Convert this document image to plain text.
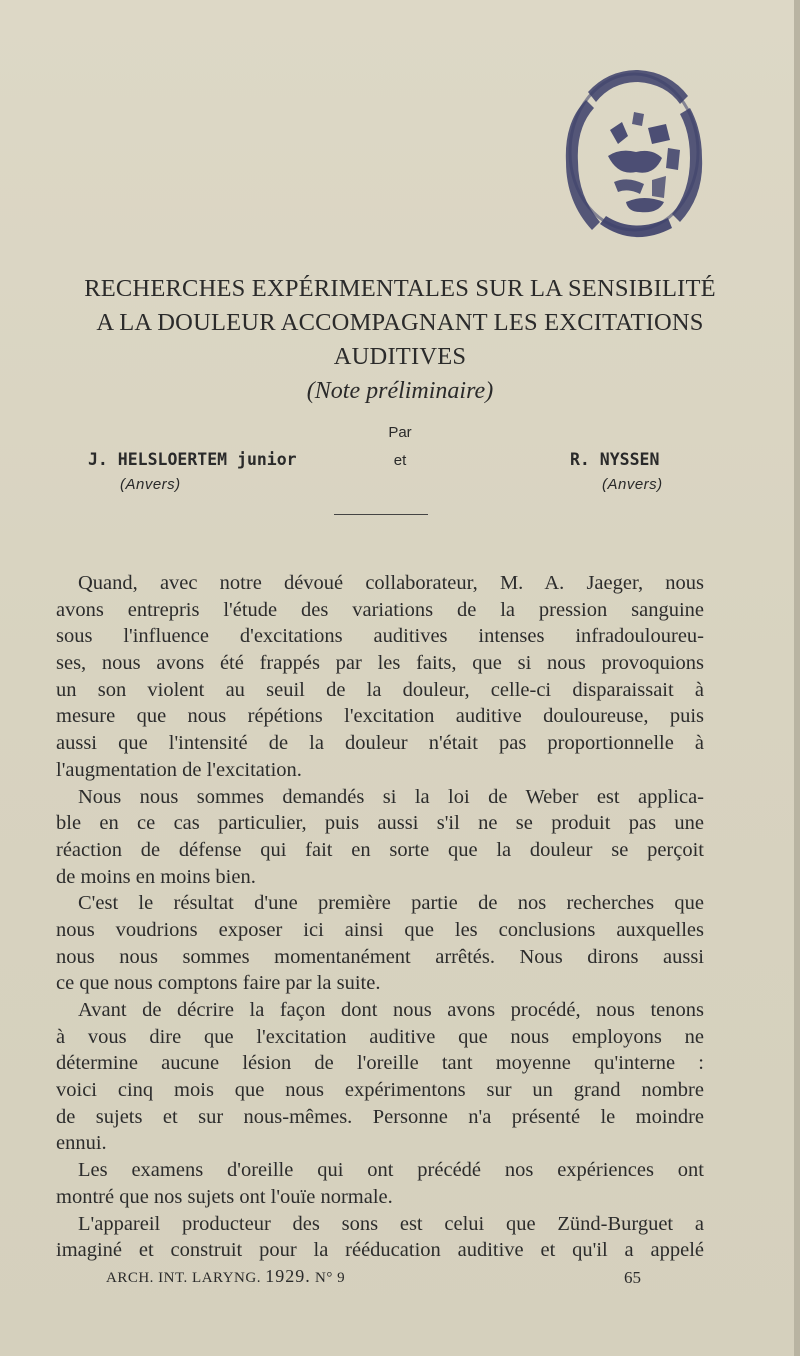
RECHERCHES EXPÉRIMENTALES SUR LA SENSIBILITÉ
A LA DOULEUR ACCOMPAGNANT LES EXCITATIONS
AUDITIVES
(Note préliminaire)
Par
et
J. HELSLOERTEM junior
(Anvers)
R. NYSSEN
(Anvers)
Quand, avec notre dévoué collaborateur, M. A. Jaeger, nous
avons entrepris l'étude des variations de la pression sanguine
sous l'influence d'excitations auditives intenses infradouloureu-
ses, nous avons été frappés par les faits, que si nous provoquions
un son violent au seuil de la douleur, celle-ci disparaissait à
mesure que nous répétions l'excitation auditive douloureuse, puis
aussi que l'intensité de la douleur n'était pas proportionnelle à
l'augmentation de l'excitation.
Nous nous sommes demandés si la loi de Weber est applica-
ble en ce cas particulier, puis aussi s'il ne se produit pas une
réaction de défense qui fait en sorte que la douleur se perçoit
de moins en moins bien.
C'est le résultat d'une première partie de nos recherches que
nous voudrions exposer ici ainsi que les conclusions auxquelles
nous nous sommes momentanément arrêtés. Nous dirons aussi
ce que nous comptons faire par la suite.
Avant de décrire la façon dont nous avons procédé, nous tenons
à vous dire que l'excitation auditive que nous employons ne
détermine aucune lésion de l'oreille tant moyenne qu'interne :
voici cinq mois que nous expérimentons sur un grand nombre
de sujets et sur nous-mêmes. Personne n'a présenté le moindre
ennui.
Les examens d'oreille qui ont précédé nos expériences ont
montré que nos sujets ont l'ouïe normale.
L'appareil producteur des sons est celui que Zünd-Burguet a
imaginé et construit pour la rééducation auditive et qu'il a appelé
ARCH. INT. LARYNG. 1929. N° 9	65
